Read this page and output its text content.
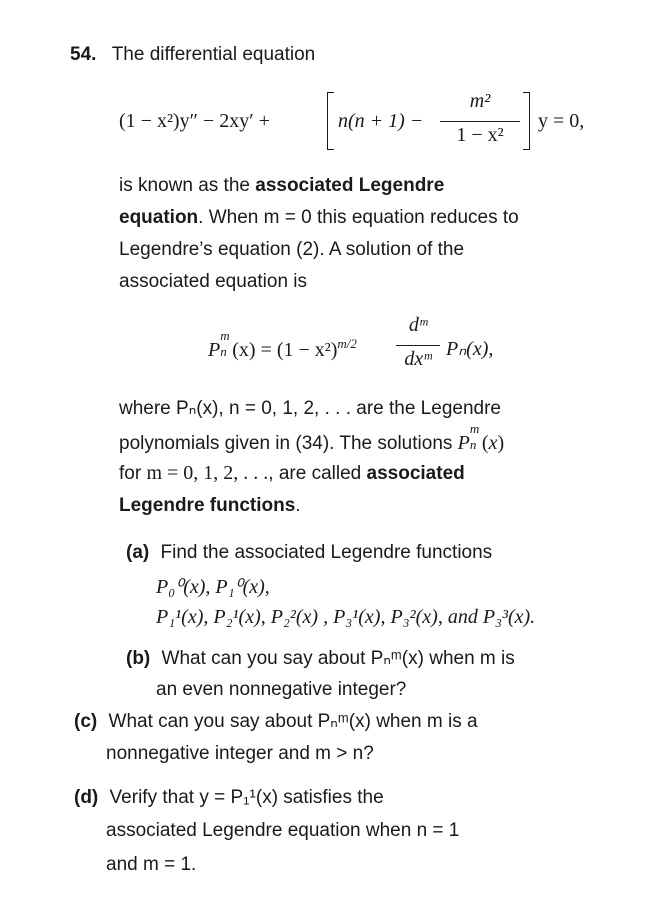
54. The differential equation
(1 − x²)y″ − 2xy′ +	n(n + 1) −
m²
1 − x²
y = 0,
is known as the associated Legendre
equation. When m = 0 this equation reduces to
Legendre’s equation (2). A solution of the
associated equation is
P
m
n $(x) = (1 - x^2)^{m/2}$
dᵐ
dxᵐ Pₙ(x),
where Pₙ(x), n = 0, 1, 2, . . . are the Legendre
polynomials given in (34). The solutions P
m
n (x)
for m = 0, 1, 2, . . ., are called associated
Legendre functions.
(a) Find the associated Legendre functions
P₀⁰(x), P₁⁰(x),
P₁¹(x), P₂¹(x), P₂²(x) , P₃¹(x), P₃²(x), and P₃³(x).
(b) What can you say about Pₙᵐ(x) when m is
an even nonnegative integer?
(c) What can you say about Pₙᵐ(x) when m is a
nonnegative integer and m > n?
(d) Verify that y = P₁¹(x) satisfies the
associated Legendre equation when n = 1
and m = 1.
